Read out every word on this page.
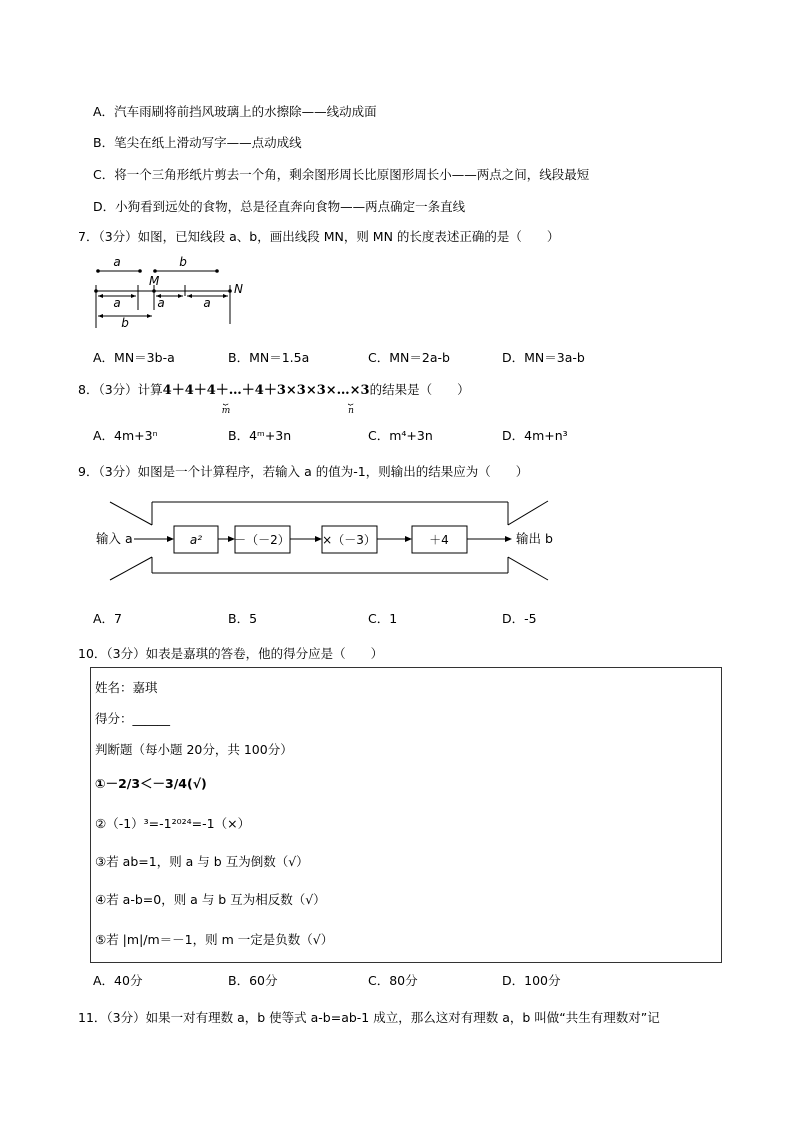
A．汽车雨刷将前挡风玻璃上的水擦除——线动成面
B．笔尖在纸上滑动写字——点动成线
C．将一个三角形纸片剪去一个角，剩余图形周长比原图形周长小——两点之间，线段最短
D．小狗看到远处的食物，总是径直奔向食物——两点确定一条直线
7．（3分）如图，已知线段 a、b，画出线段 MN，则 MN 的长度表述正确的是（　　）
a	b
M
N
a	a	a
b
A．MN＝3b-a	B．MN＝1.5a	C．MN＝2a-b	D．MN＝3a-b
8．（3分）计算4＋4＋4＋…＋4＋3×3×3×…×3的结果是（　　）
⏟
m
⏟
n
A．4m+3ⁿ	B．4ᵐ+3n	C．m⁴+3n	D．4m+n³
9．（3分）如图是一个计算程序，若输入 a 的值为-1，则输出的结果应为（　　）
输入 a	a²	－（－2）	×（－3）	＋4	输出 b
A．7	B．5	C．1	D．-5
10．（3分）如表是嘉琪的答卷，他的得分应是（　　）
姓名：嘉琪
得分：______
判断题（每小题 20分，共 100分）
①－2/3＜－3/4(√)
②（-1）³=-1²⁰²⁴=-1（×）
③若 ab=1，则 a 与 b 互为倒数（√）
④若 a-b=0，则 a 与 b 互为相反数（√）
⑤若 |m|/m＝－1，则 m 一定是负数（√）
A．40分	B．60分	C．80分	D．100分
11．（3分）如果一对有理数 a，b 使等式 a-b=ab-1 成立，那么这对有理数 a，b 叫做“共生有理数对”记
